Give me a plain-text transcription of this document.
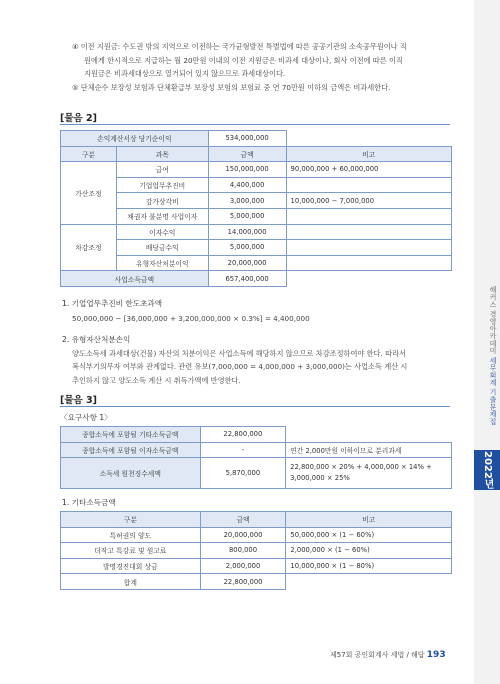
해커스 경영아카데미 세무회계 기출문제집
2022년

④ 이전 지원금: 수도권 밖의 지역으로 이전하는 국가균형발전 특별법에 따른 공공기관의 소속공무원이나 직

원에게 한시적으로 지급하는 월 20만원 이내의 이전 지원금은 비과세 대상이나, 회사 이전에 따른 이직

지원금은 비과세대상으로 열거되어 있지 않으므로 과세대상이다.

⑤ 단체순수 보장성 보험과 단체환급부 보장성 보험의 보험료 중 연 70만원 이하의 금액은 비과세한다.

[물음 2]
손익계산서상 당기순이익		534,000,000	
구분	과목	금액	비고
가산조정	급여	150,000,000	90,000,000 + 60,000,000
	기업업무추진비	4,400,000	
	감가상각비	3,000,000	10,000,000 − 7,000,000
	채권자 불분명 사업이자	5,000,000	
차감조정	이자수익	14,000,000	
	배당금수익	5,000,000	
	유형자산처분이익	20,000,000	
사업소득금액		657,400,000	
1. 기업업무추진비 한도초과액
50,000,000 − [36,000,000 + 3,200,000,000 × 0.3%] = 4,400,000
2. 유형자산처분손익
양도소득세 과세대상(건물) 자산의 처분이익은 사업소득에 해당하지 않으므로 차감조정하여야 한다. 따라서
복식부기의무자 여부와 관계없다. 관련 유보(7,000,000 = 4,000,000 + 3,000,000)는 사업소득 계산 시
추인하지 않고 양도소득 계산 시 취득가액에 반영한다.
[물음 3]
〈요구사항 1〉
종합소득에 포함될 기타소득금액	22,800,000	
종합소득에 포함될 이자소득금액	-	연간 2,000만원 이하이므로 분리과세
소득세 원천징수세액	5,870,000	22,800,000 × 20% + 4,000,000 × 14% +
3,000,000 × 25%
1. 기타소득금액
구분	금액	비고
특허권의 양도	20,000,000	50,000,000 × (1 − 60%)
더작고 특강료 및 원고료	800,000	2,000,000 × (1 − 60%)
발명경진대회 상금	2,000,000	10,000,000 × (1 − 80%)
합계	22,800,000	
제57회 공인회계사 세법 / 해답 193
